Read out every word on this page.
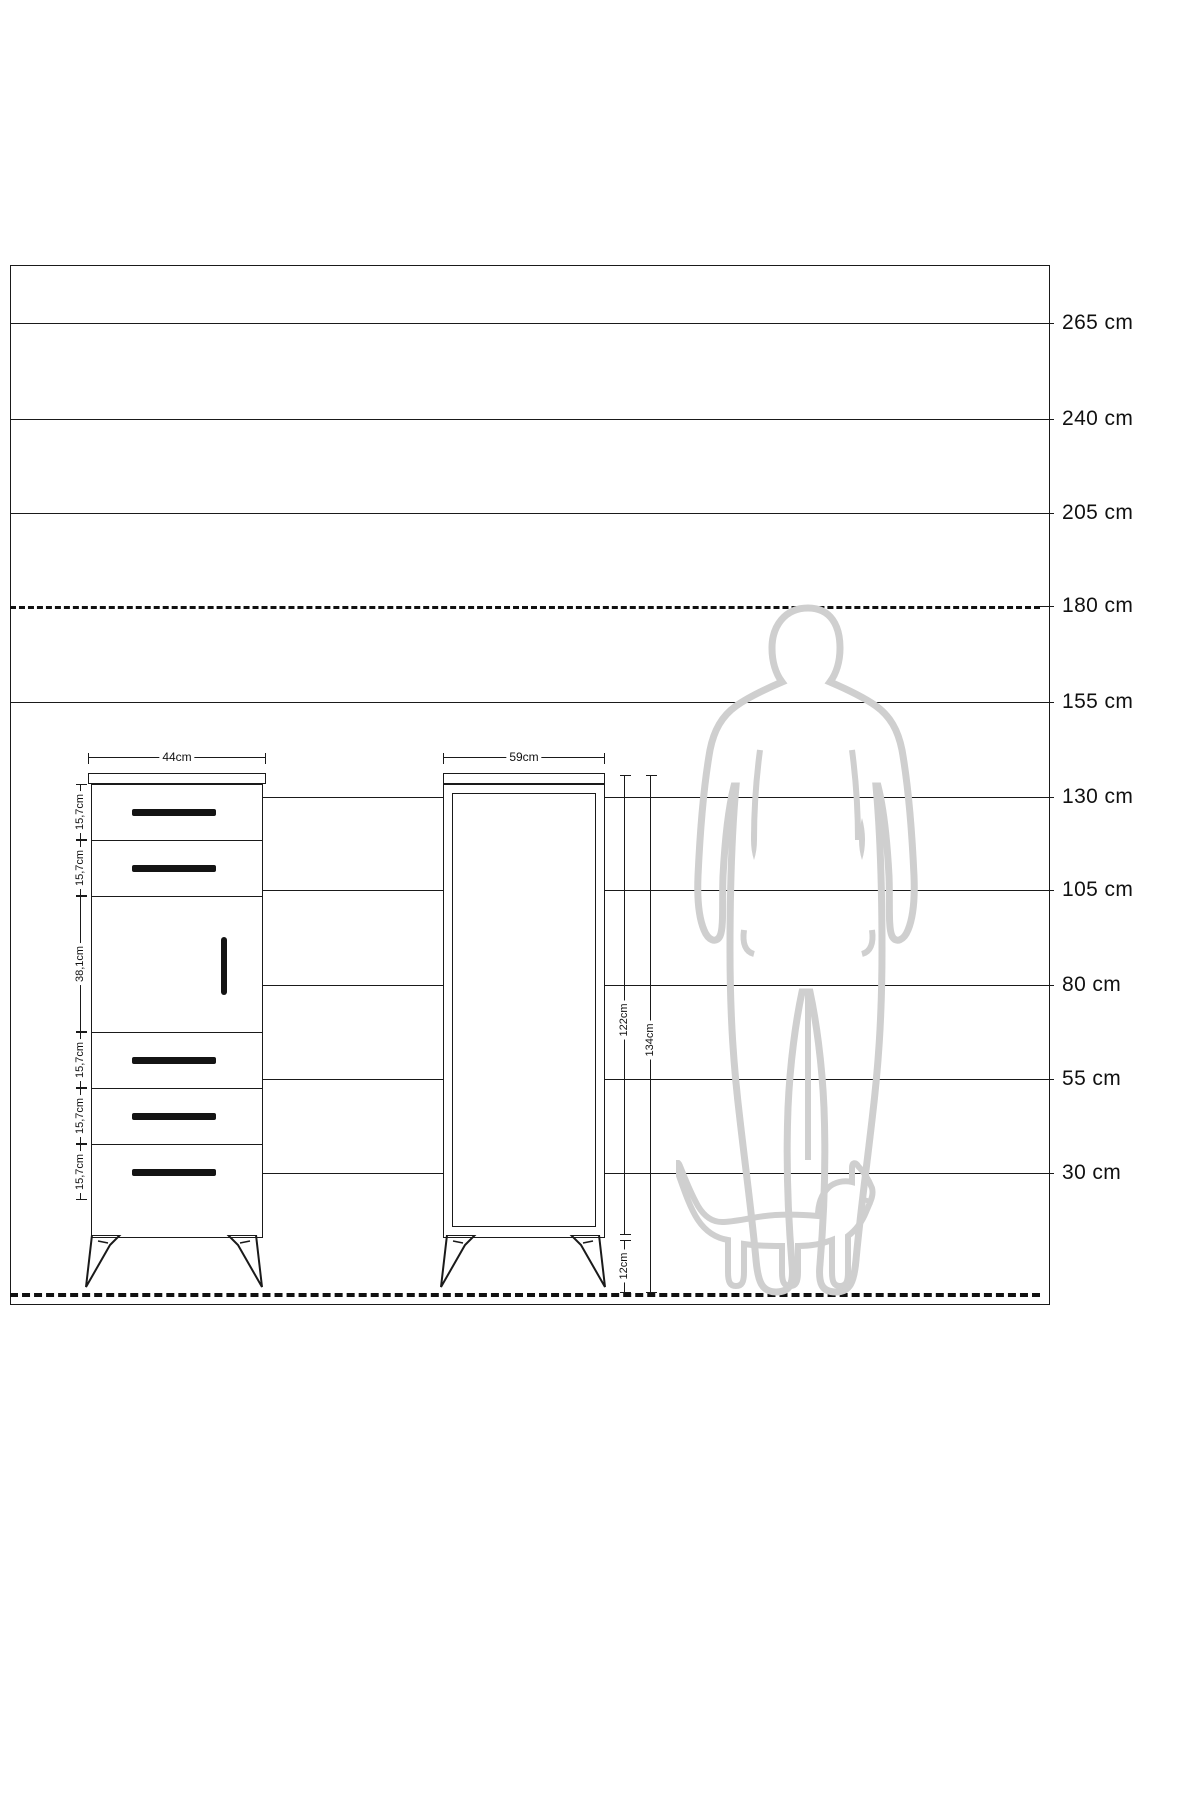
265 cm
240 cm
205 cm
180 cm
155 cm
130 cm
105 cm
80 cm
55 cm
30 cm
44cm
15,7cm
15,7cm
38,1cm
15,7cm
15,7cm
15,7cm
59cm
122cm
134cm
12cm
